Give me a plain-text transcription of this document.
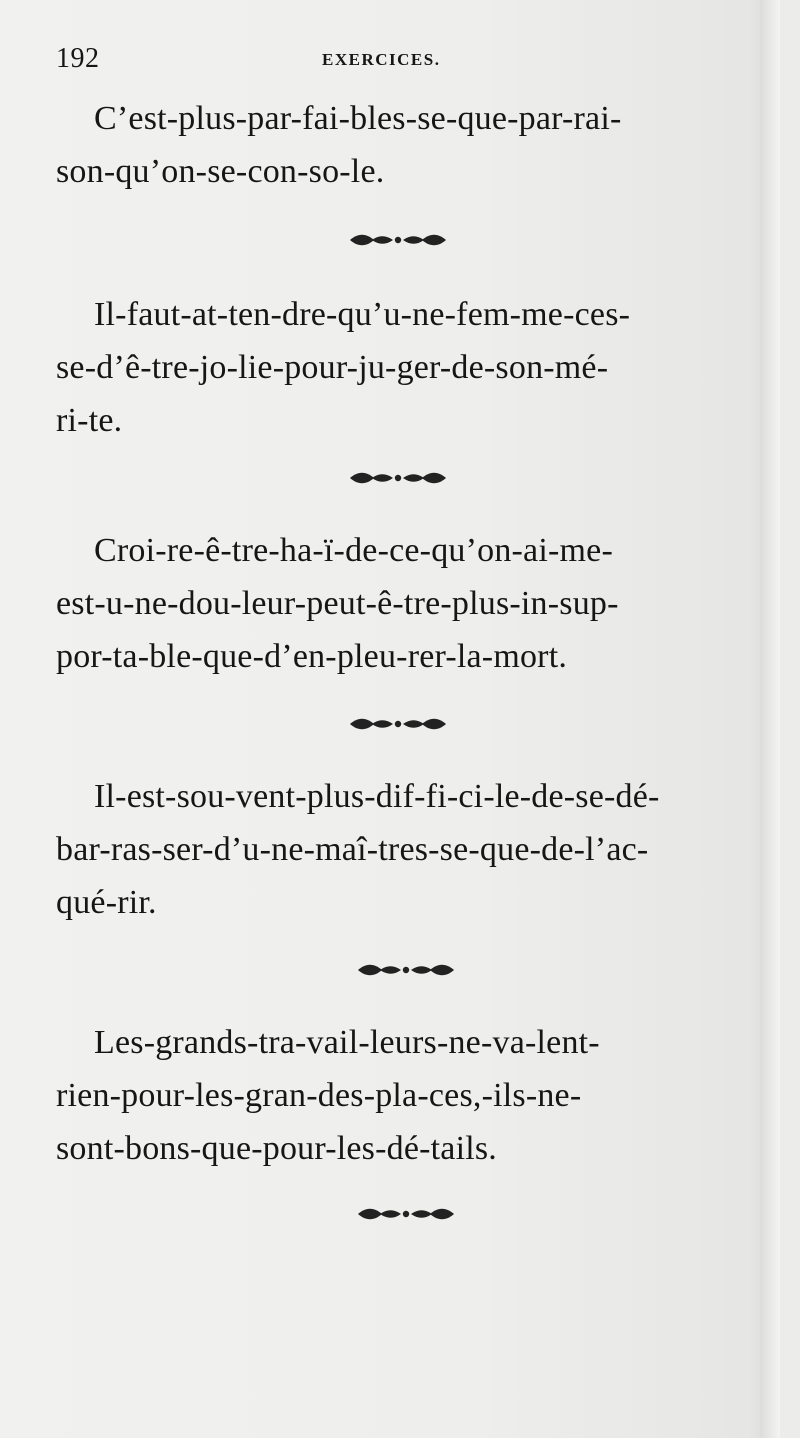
192	EXERCICES.

C’est-plus-par-fai-bles-se-que-par-rai-
son-qu’on-se-con-so-le.

Il-faut-at-ten-dre-qu’u-ne-fem-me-ces-
se-d’ê-tre-jo-lie-pour-ju-ger-de-son-mé-
ri-te.

Croi-re-ê-tre-ha-ï-de-ce-qu’on-ai-me-
est-u-ne-dou-leur-peut-ê-tre-plus-in-sup-
por-ta-ble-que-d’en-pleu-rer-la-mort.

Il-est-sou-vent-plus-dif-fi-ci-le-de-se-dé-
bar-ras-ser-d’u-ne-maî-tres-se-que-de-l’ac-
qué-rir.

Les-grands-tra-vail-leurs-ne-va-lent-
rien-pour-les-gran-des-pla-ces,-ils-ne-
sont-bons-que-pour-les-dé-tails.
